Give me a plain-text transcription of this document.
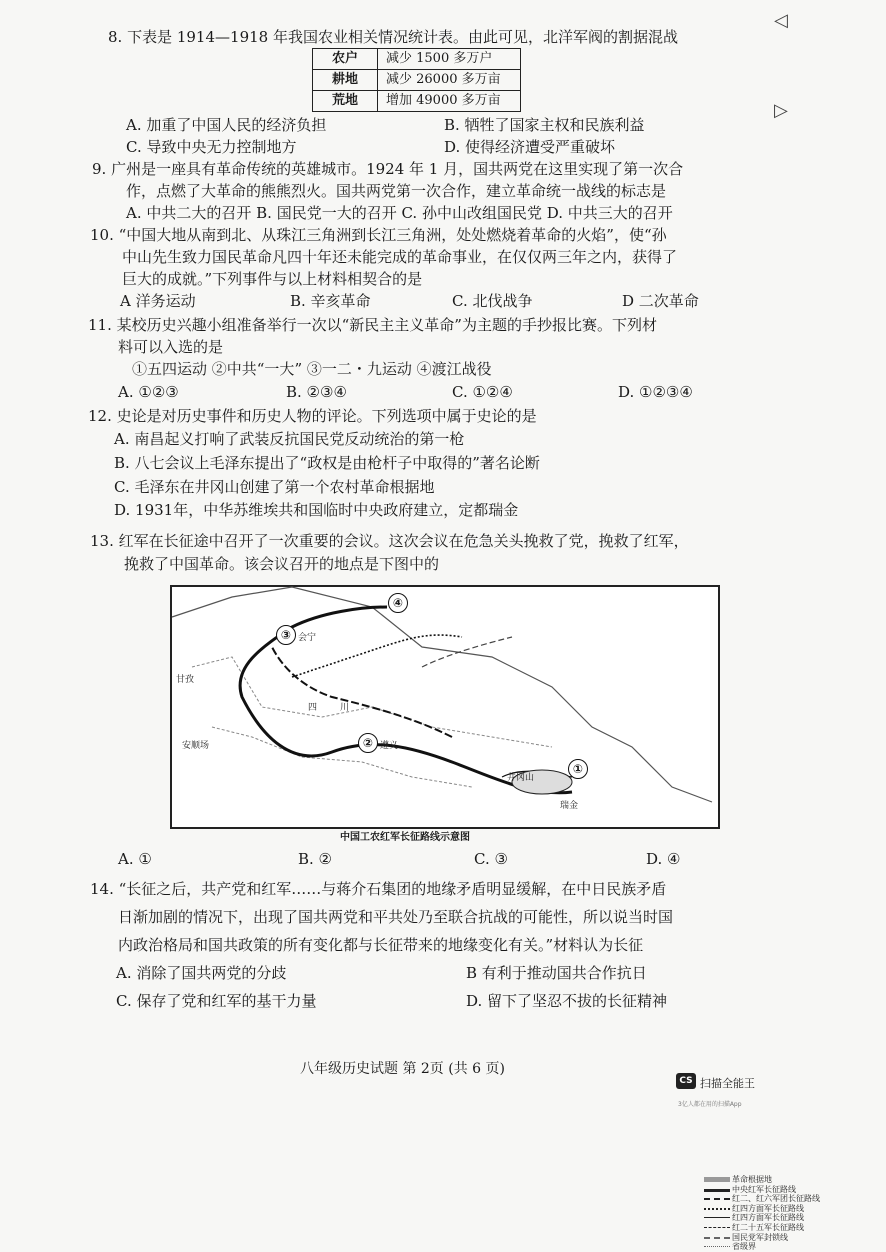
8. 下表是 1914—1918 年我国农业相关情况统计表。由此可见，北洋军阀的割据混战
农户	减少 1500 多万户
耕地	减少 26000 多万亩
荒地	增加 49000 多万亩
A. 加重了中国人民的经济负担	B. 牺牲了国家主权和民族利益
C. 导致中央无力控制地方	D. 使得经济遭受严重破坏
9. 广州是一座具有革命传统的英雄城市。1924 年 1 月，国共两党在这里实现了第一次合
作，点燃了大革命的熊熊烈火。国共两党第一次合作，建立革命统一战线的标志是
A. 中共二大的召开 B. 国民党一大的召开 C. 孙中山改组国民党 D. 中共三大的召开
10. “中国大地从南到北、从珠江三角洲到长江三角洲，处处燃烧着革命的火焰”，使“孙
中山先生致力国民革命凡四十年还未能完成的革命事业，在仅仅两三年之内，获得了
巨大的成就。”下列事件与以上材料相契合的是
A 洋务运动	B. 辛亥革命	C. 北伐战争	D 二次革命
11. 某校历史兴趣小组准备举行一次以“新民主主义革命”为主题的手抄报比赛。下列材
料可以入选的是
①五四运动 ②中共“一大” ③一二・九运动 ④渡江战役
A. ①②③	B. ②③④	C. ①②④	D. ①②③④
12. 史论是对历史事件和历史人物的评论。下列选项中属于史论的是
A. 南昌起义打响了武装反抗国民党反动统治的第一枪
B. 八七会议上毛泽东提出了“政权是由枪杆子中取得的”著名论断
C. 毛泽东在井冈山创建了第一个农村革命根据地
D. 1931年，中华苏维埃共和国临时中央政府建立，定都瑞金
13. 红军在长征途中召开了一次重要的会议。这次会议在危急关头挽救了党，挽救了红军，
挽救了中国革命。该会议召开的地点是下图中的
革命根据地
中央红军长征路线
红二、红六军团长征路线
红四方面军长征路线
红四方面军长征路线
红二十五军长征路线
国民党军封锁线
省级界
会宁
甘孜
安顺场	遵义
井冈山
瑞金
四	川
①
②
③
④
中国工农红军长征路线示意图
A. ①	B. ②	C. ③	D. ④
14. “长征之后，共产党和红军……与蒋介石集团的地缘矛盾明显缓解，在中日民族矛盾
日渐加剧的情况下，出现了国共两党和平共处乃至联合抗战的可能性，所以说当时国
内政治格局和国共政策的所有变化都与长征带来的地缘变化有关。”材料认为长征
A. 消除了国共两党的分歧	B 有利于推动国共合作抗日
C. 保存了党和红军的基干力量	D. 留下了坚忍不拔的长征精神
八年级历史试题 第 2页 (共 6 页)
CS 扫描全能王
3亿人都在用的扫描App
◁
▷
